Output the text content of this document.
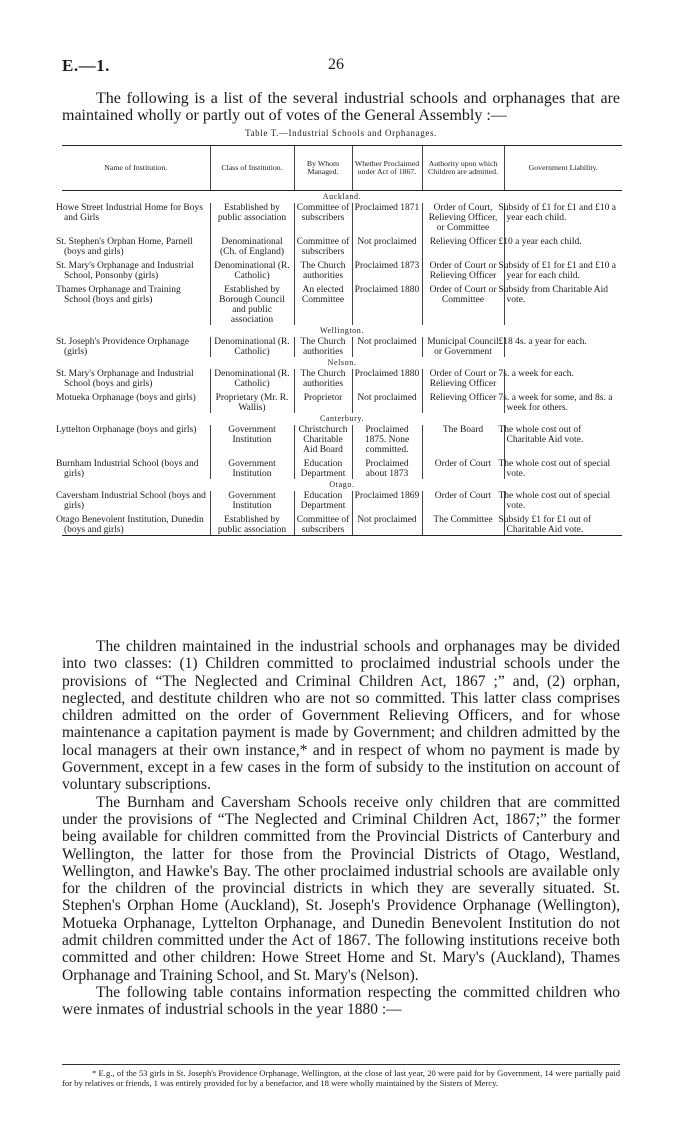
E.—1.	26
The following is a list of the several industrial schools and orphanages that are maintained wholly or partly out of votes of the General Assembly :—
Table T.—Industrial Schools and Orphanages.
Name of Institution.	Class of Institution.	By Whom Managed.	Whether Proclaimed under Act of 1867.	Authority upon which Children are admitted.	Government Liability.
Auckland.					
Howe Street Industrial Home for Boys and Girls	Established by public association	Committee of subscribers	Proclaimed 1871	Order of Court, Relieving Officer, or Committee	Subsidy of £1 for £1 and £10 a year each child.

St. Stephen's Orphan Home, Parnell (boys and girls)	Denominational (Ch. of England)	Committee of subscribers	Not proclaimed	Relieving Officer	£10 a year each child.

St. Mary's Orphanage and Industrial School, Ponsonby (girls)	Denominational (R. Catholic)	The Church authorities	Proclaimed 1873	Order of Court or Relieving Officer	Subsidy of £1 for £1 and £10 a year for each child.

Thames Orphanage and Training School (boys and girls)	Established by Borough Council and public association	An elected Committee	Proclaimed 1880	Order of Court or Committee	Subsidy from Charitable Aid vote.
Wellington.					
St. Joseph's Providence Orphanage (girls)	Denominational (R. Catholic)	The Church authorities	Not proclaimed	Municipal Council or Government	£18 4s. a year for each.
Nelson.					
St. Mary's Orphanage and Industrial School (boys and girls)	Denominational (R. Catholic)	The Church authorities	Proclaimed 1880	Order of Court or Relieving Officer	7s. a week for each.

Motueka Orphanage (boys and girls)	Proprietary (Mr. R. Wallis)	Proprietor	Not proclaimed	Relieving Officer	7s. a week for some, and 8s. a week for others.
Canterbury.					
Lyttelton Orphanage (boys and girls)	Government Institution	Christchurch Charitable Aid Board	Proclaimed 1875. None committed.	The Board	The whole cost out of Charitable Aid vote.

Burnham Industrial School (boys and girls)	Government Institution	Education Department	Proclaimed about 1873	Order of Court	The whole cost out of special vote.
Otago.					
Caversham Industrial School (boys and girls)	Government Institution	Education Department	Proclaimed 1869	Order of Court	The whole cost out of special vote.

Otago Benevolent Institution, Dunedin (boys and girls)	Established by public association	Committee of subscribers	Not proclaimed	The Committee	Subsidy £1 for £1 out of Charitable Aid vote.

The children maintained in the industrial schools and orphanages may be divided into two classes: (1) Children committed to proclaimed industrial schools under the provisions of “The Neglected and Criminal Children Act, 1867 ;” and, (2) orphan, neglected, and destitute children who are not so committed. This latter class comprises children admitted on the order of Government Relieving Officers, and for whose maintenance a capitation payment is made by Government; and children admitted by the local managers at their own instance,* and in respect of whom no payment is made by Government, except in a few cases in the form of subsidy to the institution on account of voluntary subscriptions.

The Burnham and Caversham Schools receive only children that are committed under the provisions of “The Neglected and Criminal Children Act, 1867;” the former being available for children committed from the Provincial Districts of Canterbury and Wellington, the latter for those from the Provincial Districts of Otago, Westland, Wellington, and Hawke's Bay. The other proclaimed industrial schools are available only for the children of the provincial districts in which they are severally situated. St. Stephen's Orphan Home (Auckland), St. Joseph's Providence Orphanage (Wellington), Motueka Orphanage, Lyttelton Orphanage, and Dunedin Benevolent Institution do not admit children committed under the Act of 1867. The following institutions receive both committed and other children: Howe Street Home and St. Mary's (Auckland), Thames Orphanage and Training School, and St. Mary's (Nelson).

The following table contains information respecting the committed children who were inmates of industrial schools in the year 1880 :—

* E.g., of the 53 girls in St. Joseph's Providence Orphanage, Wellington, at the close of last year, 20 were paid for by Government, 14 were partially paid for by relatives or friends, 1 was entirely provided for by a benefactor, and 18 were wholly maintained by the Sisters of Mercy.
